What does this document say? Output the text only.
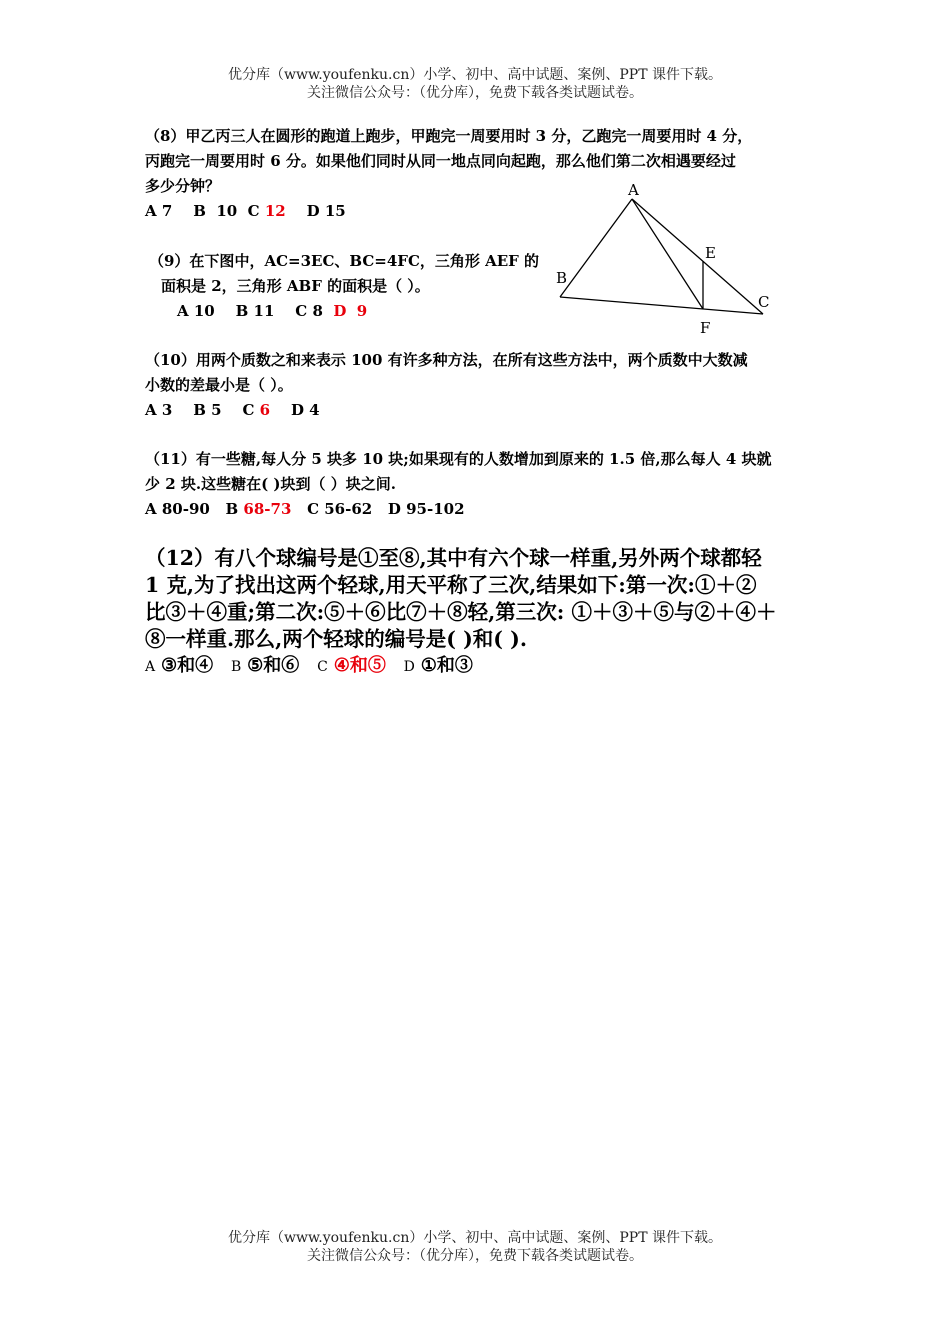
优分库（www.youfenku.cn）小学、初中、高中试题、案例、PPT 课件下载。
关注微信公众号：（优分库），免费下载各类试题试卷。
（8）甲乙丙三人在圆形的跑道上跑步，甲跑完一周要用时 3 分，乙跑完一周要用时 4 分，
丙跑完一周要用时 6 分。如果他们同时从同一地点同向起跑，那么他们第二次相遇要经过
多少分钟？
A 7 B  10 C 12 D 15
（9）在下图中，AC=3EC、BC=4FC，三角形 AEF 的
面积是 2，三角形 ABF 的面积是（ ）。
A 10 B 11 C 8 D  9
A
B
C
E
F
（10）用两个质数之和来表示 100 有许多种方法，在所有这些方法中，两个质数中大数减
小数的差最小是（ ）。
A 3 B 5 C 6 D 4
（11）有一些糖,每人分 5 块多 10 块;如果现有的人数增加到原来的 1.5 倍,那么每人 4 块就
少 2 块.这些糖在( )块到（ ）块之间.
A 80-90 B 68-73 C 56-62 D 95-102
（12）有八个球编号是①至⑧,其中有六个球一样重,另外两个球都轻
1 克,为了找出这两个轻球,用天平称了三次,结果如下:第一次:①＋②
比③＋④重;第二次:⑤＋⑥比⑦＋⑧轻,第三次: ①＋③＋⑤与②＋④＋
⑧一样重.那么,两个轻球的编号是( )和( ).
A ③和④ B ⑤和⑥ C ④和⑤ D ①和③
优分库（www.youfenku.cn）小学、初中、高中试题、案例、PPT 课件下载。
关注微信公众号：（优分库），免费下载各类试题试卷。
